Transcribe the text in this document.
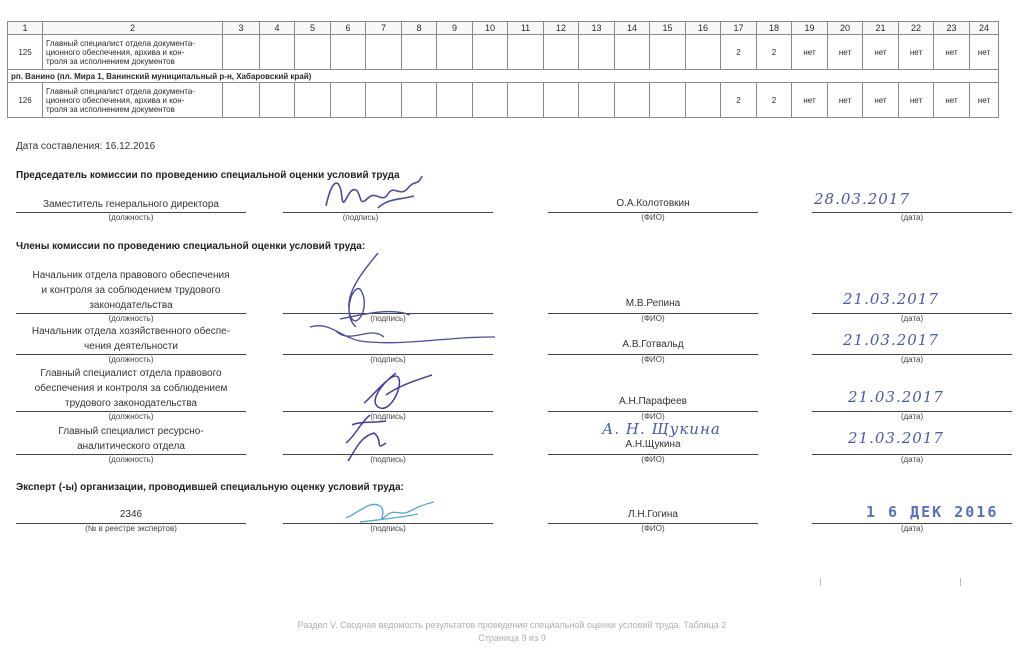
1	2	3	4	5	6	7	8	9	10	11	12	13	14	15	16	17	18	19	20	21	22	23	24
125	Главный специалист отдела документа-
ционного обеспечения, архива и кон-
троля за исполнением документов															2	2	нет	нет	нет	нет	нет	нет
рп. Ванино (пл. Мира 1, Ванинский муниципальный р-н, Хабаровский край)																							
126	Главный специалист отдела документа-
ционного обеспечения, архива и кон-
троля за исполнением документов															2	2	нет	нет	нет	нет	нет	нет
Дата составления: 16.12.2016
Председатель комиссии по проведению специальной оценки условий труда
Заместитель генерального директора
(должность)	(подпись)
О.А.Колотовкин
(ФИО)
28.03.2017
(дата)
Члены комиссии по проведению специальной оценки условий труда:
Начальник отдела правового обеспечения
и контроля за соблюдением трудового
законодательства
(должность)	(подпись)
М.В.Репина
(ФИО)
21.03.2017
(дата)
Начальник отдела хозяйственного обеспе-
чения деятельности
(должность)	(подпись)
А.В.Готвальд
(ФИО)
21.03.2017
(дата)
Главный специалист отдела правового
обеспечения и контроля за соблюдением
трудового законодательства
(должность)	(подпись)
А.Н.Парафеев
(ФИО)
21.03.2017
(дата)
Главный специалист ресурсно-
аналитического отдела
(должность)	(подпись)
А. Н. Щукина
А.Н.Щукина
(ФИО)
21.03.2017
(дата)
Эксперт (-ы) организации, проводившей специальную оценку условий труда:
2346
(№ в реестре экспертов)	(подпись)
Л.Н.Гогина
(ФИО)
1 6 ДЕК 2016
(дата)
Раздел V. Сводная ведомость результатов проведения специальной оценки условий труда. Таблица 2
Страница 9 из 9
